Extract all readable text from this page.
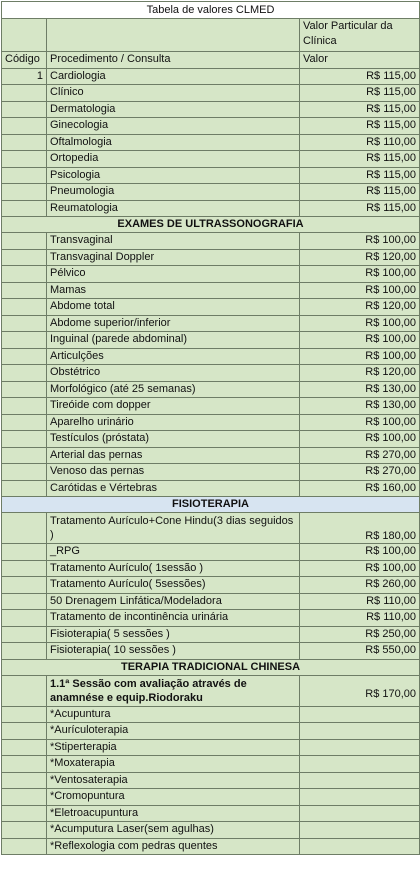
Tabela de valores CLMED		
		Valor Particular da Clínica
Código	Procedimento / Consulta	Valor
1	Cardiologia	R$ 115,00
	Clínico	R$ 115,00
	Dermatologia	R$ 115,00
	Ginecologia	R$ 115,00
	Oftalmologia	R$ 110,00
	Ortopedia	R$ 115,00
	Psicologia	R$ 115,00
	Pneumologia	R$ 115,00
	Reumatologia	R$ 115,00
EXAMES DE ULTRASSONOGRAFIA		
	Transvaginal	R$ 100,00
	Transvaginal Doppler	R$ 120,00
	Pélvico	R$ 100,00
	Mamas	R$ 100,00
	Abdome total	R$ 120,00
	Abdome superior/inferior	R$ 100,00
	Inguinal (parede abdominal)	R$ 100,00
	Articulções	R$ 100,00
	Obstétrico	R$ 120,00
	Morfológico (até 25 semanas)	R$ 130,00
	Tireóide com dopper	R$ 130,00
	Aparelho urinário	R$ 100,00
	Testículos (próstata)	R$ 100,00
	Arterial das pernas	R$ 270,00
	Venoso das pernas	R$ 270,00
	Carótidas e Vértebras	R$ 160,00
FISIOTERAPIA		
	Tratamento Aurículo+Cone Hindu(3 dias seguidos )	R$ 180,00
	_RPG	R$ 100,00
	Tratamento Aurículo( 1sessão )	R$ 100,00
	Tratamento Aurículo( 5sessões)	R$ 260,00
	50 Drenagem Linfática/Modeladora	R$ 110,00
	Tratamento de incontinência urinária	R$ 110,00
	Fisioterapia( 5 sessões )	R$ 250,00
	Fisioterapia( 10 sessões )	R$ 550,00
TERAPIA TRADICIONAL CHINESA		
	1.1ª Sessão com avaliação através de anamnése e equip.Riodoraku	R$ 170,00
	*Acupuntura	
	*Aurículoterapia	
	*Stiperterapia	
	*Moxaterapia	
	*Ventosaterapia	
	*Cromopuntura	
	*Eletroacupuntura	
	*Acumputura Laser(sem agulhas)	
	*Reflexologia com pedras quentes	
